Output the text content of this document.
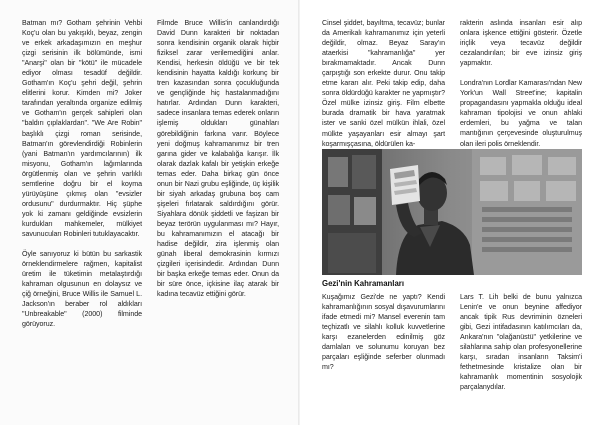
Batman mı? Gotham şehrinin Vehbi Koç'u olan bu yakışıklı, beyaz, zengin ve erkek arkadaşımızın en meşhur çizgi serisinin ilk bölümünde, ismi "Anarşi" olan bir "kötü" ile mücadele ediyor olması tesadüf değildir. Gotham'ın Koç'u şehri değil, şehrin elitlerini korur. Kimden mi? Joker tarafından yeraltında organize edilmiş ve Gotham'ın gerçek sahipleri olan "baldırı çıplaklardan". "We Are Robin" başlıklı çizgi roman serisinde, Batman'ın görevlendirdiği Robinlerin (yani Batman'ın yardımcılarının) ilk misyonu, Gotham'ın lağımlarında örgütlenmiş olan ve şehrin varlıklı semtlerine doğru bir el koyma yürüyüşüne çıkmış olan "evsizler ordusunu" durdurmaktır. Hiç şüphe yok ki zamanı geldiğinde evsizlerin kurdukları mahkemeler, mülkiyet savunucuları Robinleri tutuklayacaktır.

Öyle sanıyoruz ki bütün bu sarkastik örneklendirmelere rağmen, kapitalist üretim ile tüketimin metalaştırdığı kahraman olgusunun en dolaysız ve çiğ örneğini, Bruce Willis ile Samuel L. Jackson'ın beraber rol aldıkları "Unbreakable" (2000) filminde görüyoruz.

Filmde Bruce Willis'in canlandırdığı David Dunn karakteri bir noktadan sonra kendisinin organik olarak hiçbir fiziksel zarar verilemediğini anlar. Kendisi, herkesin öldüğü ve bir tek kendisinin hayatta kaldığı korkunç bir tren kazasından sonra çocukluğunda ve gençliğinde hiç hastalanmadığını hatırlar. Ardından Dunn karakteri, sadece insanlara temas ederek onların işlemiş oldukları günahları görebildiğinin farkına varır. Böylece yeni doğmuş kahramanımız bir tren garına gider ve kalabalığa karışır. İlk olarak dazlak kafalı bir yetişkin erkeğe temas eder. Daha birkaç gün önce onun bir Nazi grubu eşliğinde, üç kişilik bir siyah arkadaş grubuna boş cam şişeleri fırlatarak saldırdığını görür. Siyahlara dönük şiddetli ve faşizan bir beyaz terörün uygulanması mı? Hayır, bu kahramanımızın el atacağı bir hadise değildir, zira işlenmiş olan günah liberal demokrasinin kırmızı çizgileri içerisindedir. Ardından Dunn bir başka erkeğe temas eder. Onun da bir süre önce, içkisine ilaç atarak bir kadına tecavüz ettiğini görür.

Cinsel şiddet, bayıltma, tecavüz; bunlar da Amerikalı kahramanımız için yeterli değildir, olmaz. Beyaz Saray'ın ataerkisi "kahramanlığa" yer bırakmamaktadır. Ancak Dunn çarpıştığı son erkekte durur. Onu takip etme kararı alır. Peki takip edip, daha sonra öldürdüğü karakter ne yapmıştır? Özel mülke izinsiz giriş. Film elbette burada dramatik bir hava yaratmak ister ve sanki özel mülkün ihlali, özel mülkte yaşayanları esir almayı şart koşarmışçasına, öldürülen ka-

rakterin aslında insanları esir alıp onlara işkence ettiğini gösterir. Özetle iriçlik veya tecavüz değildir cezalandırılan; bir eve izinsiz giriş yapmaktır.

Londra'nın Lordlar Kamarası'ndan New York'un Wall Street'ine; kapitalin propagandasını yapmakla olduğu ideal kahraman tipolojisi ve onun ahlaki erdemleri, bu yağma ve talan mantığının çerçevesinde oluşturulmuş olan ileri polis örneklendir.

Gezi'nin Kahramanları

Kuşağımız Gezi'de ne yaptı? Kendi kahramanlığının sosyal dışavurumlarını ifade etmedi mi? Mansel everenin tam teçhizatlı ve silahlı kolluk kuvvetlerine karşı ezanelerden edinilmiş göz damlaları ve solunumu koruyan bez parçaları eşliğinde seferber olunmadı mı?

Lars T. Lih belki de bunu yalnızca Lenin'e ve onun beynine affediyor ancak tipik Rus devriminin özneleri gibi, Gezi intifadasının katılımcıları da, Ankara'nın "olağanüstü" yetkilerine ve silahlarına sahip olan profesyonellerine karşı, sıradan insanların Taksim'i fethetmesinde kristalize olan bir kahramanlık momentinin sosyolojik parçalanydılar.
